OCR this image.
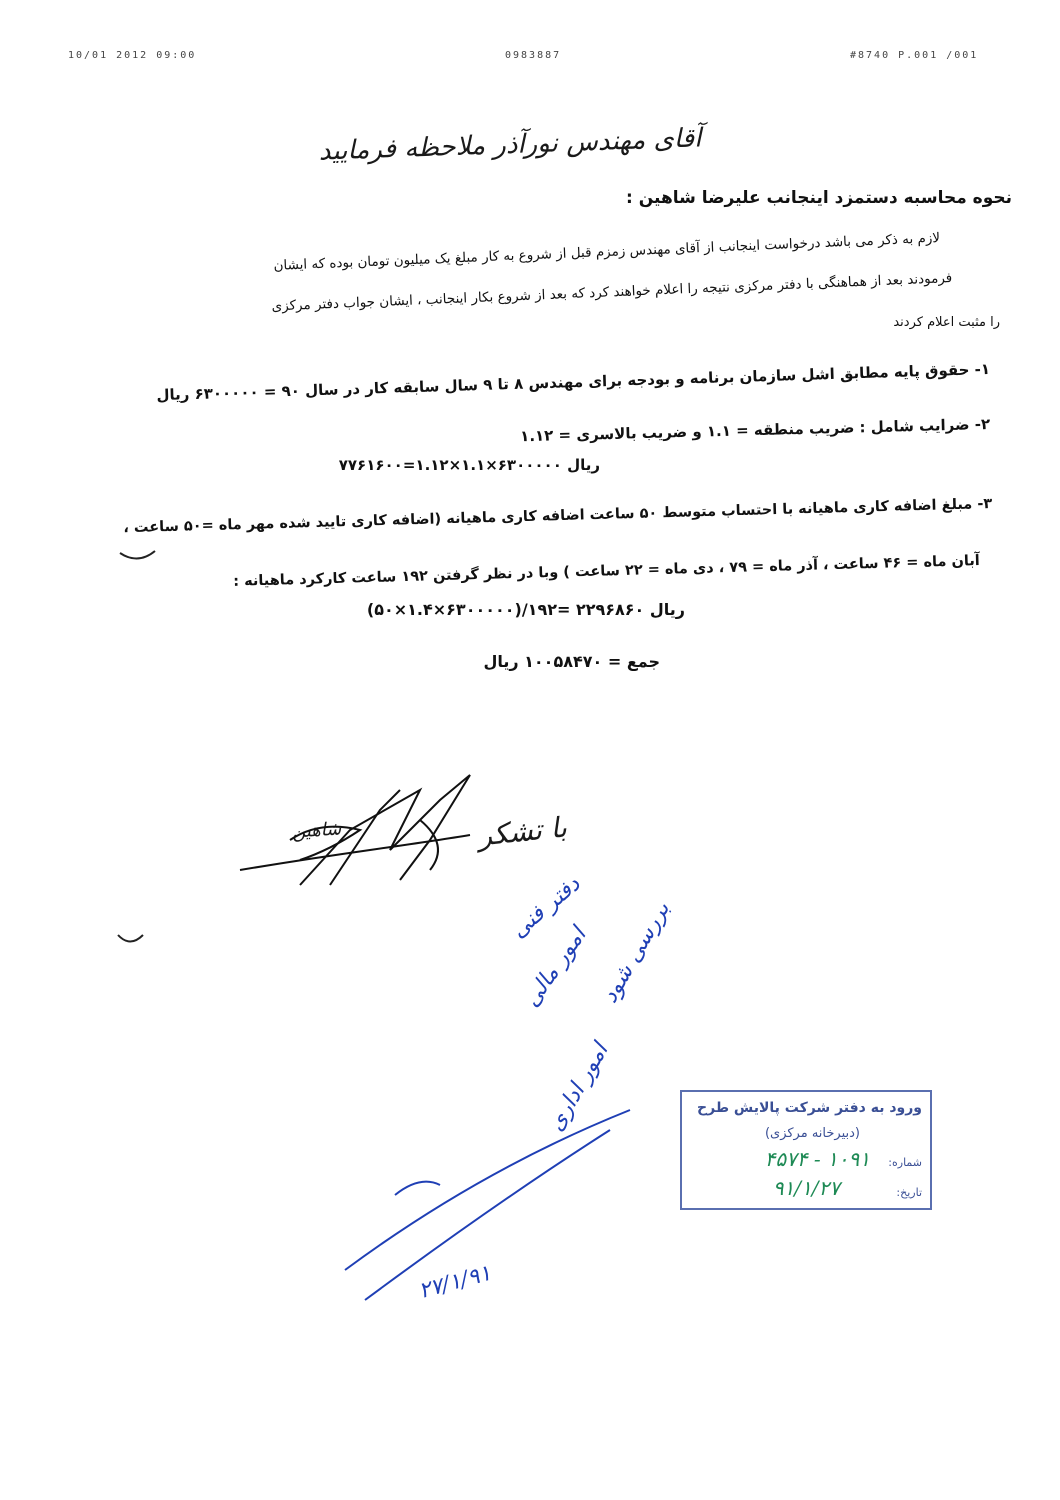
10/01 2012 09:00	0983887	#8740 P.001 /001
آقای مهندس نورآذر ملاحظه فرمایید
نحوه محاسبه دستمزد اینجانب علیرضا شاهین :
لازم به ذکر می باشد درخواست اینجانب از آقای مهندس زمزم قبل از شروع به کار مبلغ یک میلیون تومان بوده که ایشان
فرمودند بعد از هماهنگی با دفتر مرکزی نتیجه را اعلام خواهند کرد که بعد از شروع بکار اینجانب ، ایشان جواب دفتر مرکزی
را مثبت اعلام کردند
۱- حقوق پایه مطابق اشل سازمان برنامه و بودجه برای مهندس ۸ تا ۹ سال سابقه کار در سال ۹۰ = ۶۳۰۰۰۰۰ ریال
۲- ضرایب شامل : ضریب منطقه = ۱.۱ و ضریب بالاسری = ۱.۱۲
ریال ۶۳۰۰۰۰۰×۱.۱×۱.۱۲=۷۷۶۱۶۰۰
۳- مبلغ اضافه کاری ماهیانه با احتساب متوسط ۵۰ ساعت اضافه کاری ماهیانه (اضافه کاری تایید شده مهر ماه =۵۰ ساعت ،
آبان ماه = ۴۶ ساعت ، آذر ماه = ۷۹ ، دی ماه = ۲۲ ساعت ) وبا در نظر گرفتن ۱۹۲ ساعت کارکرد ماهیانه :
ریال ۲۲۹۶۸۶۰ =۱۹۲/(۶۳۰۰۰۰۰×۱.۴×۵۰)
جمع = ۱۰۰۵۸۴۷۰ ریال
با تشکر
شاهین
دفتر فنی
امور مالی بررسی شود
امور اداری
۲۷/۱/۹۱
ورود به دفتر شرکت پالایش طرح
(دبیرخانه مرکزی)
شماره:
۱۰۹۱ - ۴۵۷۴
تاریخ:
۹۱/۱/۲۷
